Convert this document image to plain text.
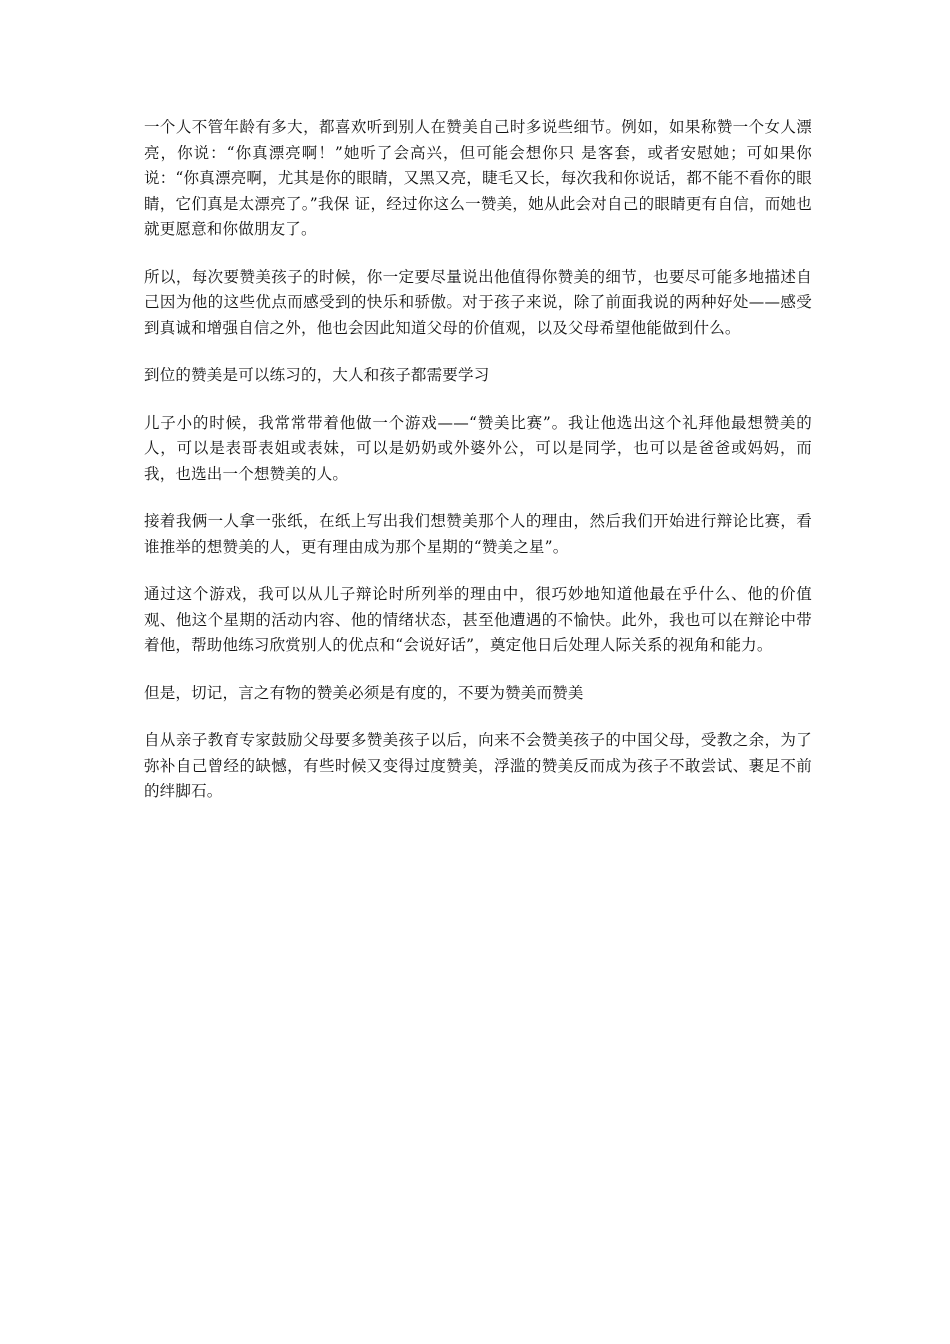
一个人不管年龄有多大，都喜欢听到别人在赞美自己时多说些细节。例如，如果称赞一个女人漂亮，你说：“你真漂亮啊！”她听了会高兴，但可能会想你只 是客套，或者安慰她；可如果你说：“你真漂亮啊，尤其是你的眼睛，又黑又亮，睫毛又长，每次我和你说话，都不能不看你的眼睛，它们真是太漂亮了。”我保 证，经过你这么一赞美，她从此会对自己的眼睛更有自信，而她也就更愿意和你做朋友了。

所以，每次要赞美孩子的时候，你一定要尽量说出他值得你赞美的细节，也要尽可能多地描述自己因为他的这些优点而感受到的快乐和骄傲。对于孩子来说，除了前面我说的两种好处——感受到真诚和增强自信之外，他也会因此知道父母的价值观，以及父母希望他能做到什么。

到位的赞美是可以练习的，大人和孩子都需要学习

儿子小的时候，我常常带着他做一个游戏——“赞美比赛”。我让他选出这个礼拜他最想赞美的人，可以是表哥表姐或表妹，可以是奶奶或外婆外公，可以是同学，也可以是爸爸或妈妈，而我，也选出一个想赞美的人。

接着我俩一人拿一张纸，在纸上写出我们想赞美那个人的理由，然后我们开始进行辩论比赛，看谁推举的想赞美的人，更有理由成为那个星期的“赞美之星”。

通过这个游戏，我可以从儿子辩论时所列举的理由中，很巧妙地知道他最在乎什么、他的价值观、他这个星期的活动内容、他的情绪状态，甚至他遭遇的不愉快。此外，我也可以在辩论中带着他，帮助他练习欣赏别人的优点和“会说好话”，奠定他日后处理人际关系的视角和能力。

但是，切记，言之有物的赞美必须是有度的，不要为赞美而赞美

自从亲子教育专家鼓励父母要多赞美孩子以后，向来不会赞美孩子的中国父母，受教之余，为了弥补自己曾经的缺憾，有些时候又变得过度赞美，浮滥的赞美反而成为孩子不敢尝试、裹足不前的绊脚石。
